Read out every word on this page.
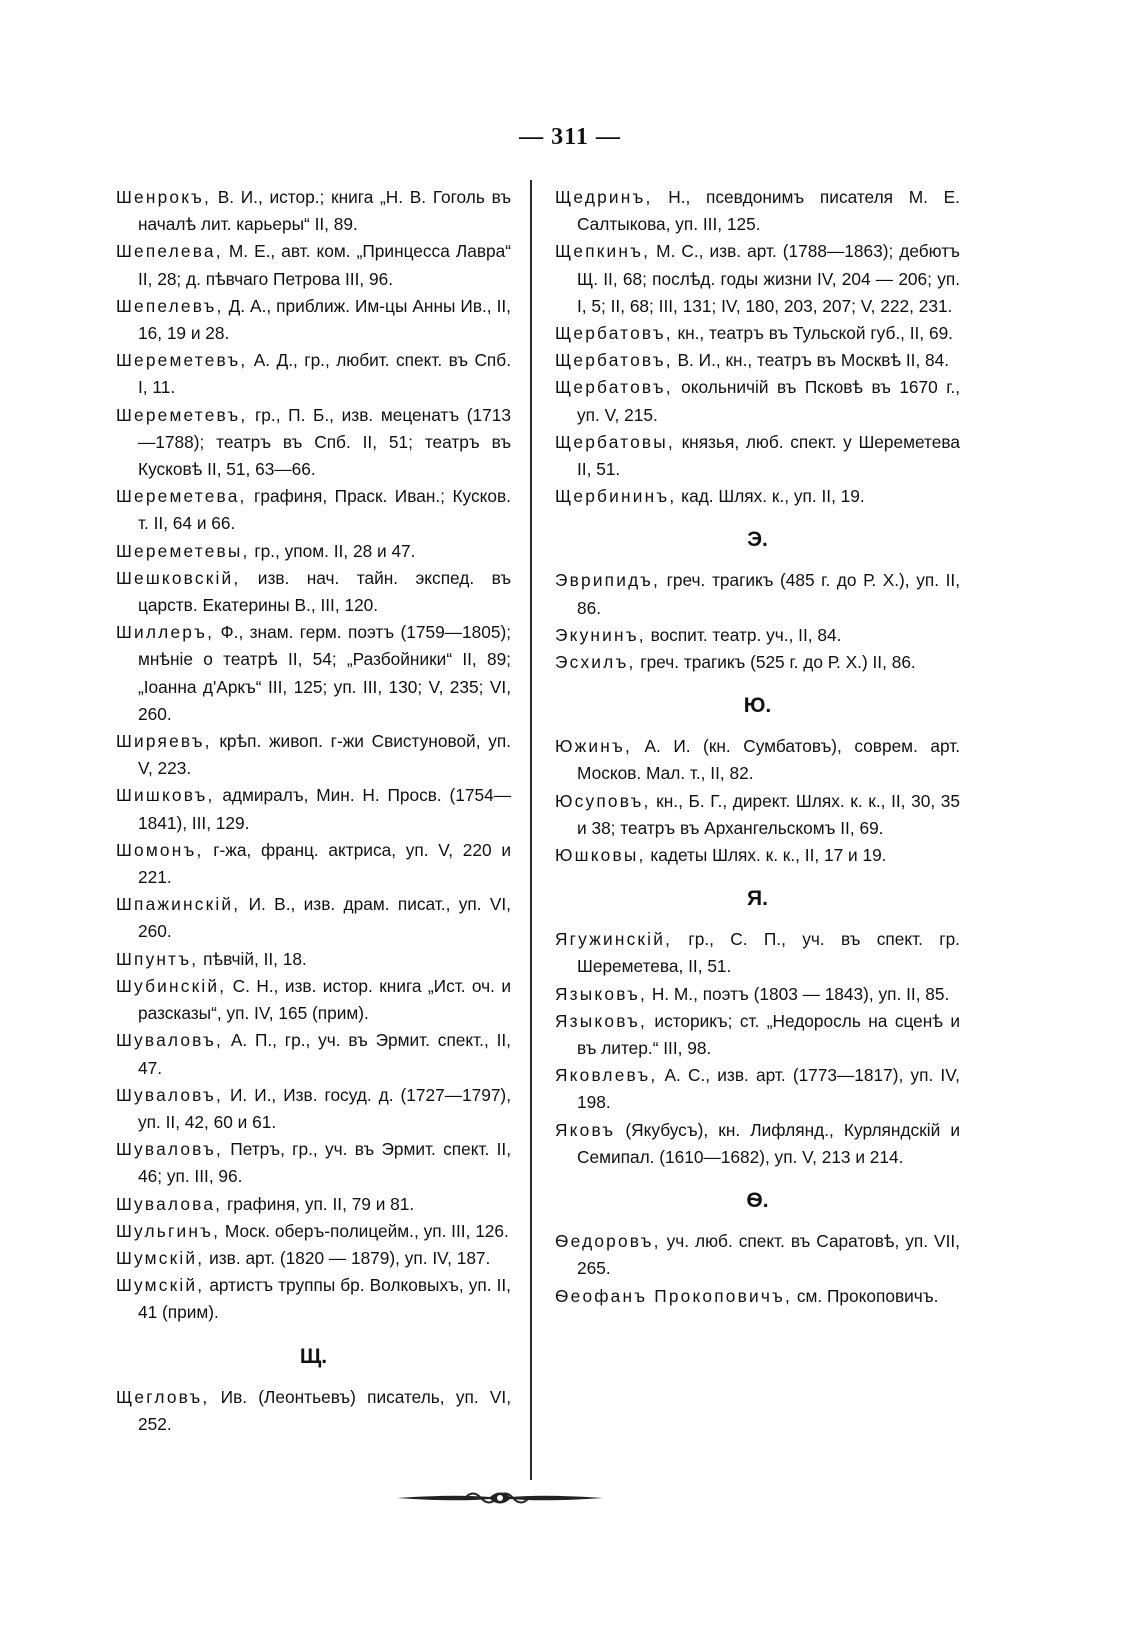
— 311 —

Шенрокъ, В. И., истор.; книга „Н. В. Гоголь въ началѣ лит. карьеры“ II, 89.

Шепелева, М. Е., авт. ком. „Принцесса Лавра“ II, 28; д. пѣвчаго Петрова III, 96.

Шепелевъ, Д. А., приближ. Им-цы Анны Ив., II, 16, 19 и 28.

Шереметевъ, А. Д., гр., любит. спект. въ Спб. I, 11.

Шереметевъ, гр., П. Б., изв. меценатъ (1713—1788); театръ въ Спб. II, 51; театръ въ Кусковѣ II, 51, 63—66.

Шереметева, графиня, Праск. Иван.; Кусков. т. II, 64 и 66.

Шереметевы, гр., упом. II, 28 и 47.

Шешковскій, изв. нач. тайн. экспед. въ царств. Екатерины В., III, 120.

Шиллеръ, Ф., знам. герм. поэтъ (1759—1805); мнѣніе о театрѣ II, 54; „Разбойники“ II, 89; „Іоанна д'Аркъ“ III, 125; уп. III, 130; V, 235; VI, 260.

Ширяевъ, крѣп. живоп. г-жи Свистуновой, уп. V, 223.

Шишковъ, адмиралъ, Мин. Н. Просв. (1754—1841), III, 129.

Шомонъ, г-жа, франц. актриса, уп. V, 220 и 221.

Шпажинскій, И. В., изв. драм. писат., уп. VI, 260.

Шпунтъ, пѣвчій, II, 18.

Шубинскій, С. Н., изв. истор. книга „Ист. оч. и разсказы“, уп. IV, 165 (прим).

Шуваловъ, А. П., гр., уч. въ Эрмит. спект., II, 47.

Шуваловъ, И. И., Изв. госуд. д. (1727—1797), уп. II, 42, 60 и 61.

Шуваловъ, Петръ, гр., уч. въ Эрмит. спект. II, 46; уп. III, 96.

Шувалова, графиня, уп. II, 79 и 81.

Шульгинъ, Моск. оберъ-полицейм., уп. III, 126.

Шумскій, изв. арт. (1820 — 1879), уп. IV, 187.

Шумскій, артистъ труппы бр. Волковыхъ, уп. II, 41 (прим).

Щ.

Щегловъ, Ив. (Леонтьевъ) писатель, уп. VI, 252.

Щедринъ, Н., псевдонимъ писателя М. Е. Салтыкова, уп. III, 125.

Щепкинъ, М. С., изв. арт. (1788—1863); дебютъ Щ. II, 68; послѣд. годы жизни IV, 204 — 206; уп. I, 5; II, 68; III, 131; IV, 180, 203, 207; V, 222, 231.

Щербатовъ, кн., театръ въ Тульской губ., II, 69.

Щербатовъ, В. И., кн., театръ въ Москвѣ II, 84.

Щербатовъ, окольничій въ Псковѣ въ 1670 г., уп. V, 215.

Щербатовы, князья, люб. спект. у Шереметева II, 51.

Щербининъ, кад. Шлях. к., уп. II, 19.

Э.

Эврипидъ, греч. трагикъ (485 г. до Р. Х.), уп. II, 86.

Экунинъ, воспит. театр. уч., II, 84.

Эсхилъ, греч. трагикъ (525 г. до Р. Х.) II, 86.

Ю.

Южинъ, А. И. (кн. Сумбатовъ), соврем. арт. Москов. Мал. т., II, 82.

Юсуповъ, кн., Б. Г., директ. Шлях. к. к., II, 30, 35 и 38; театръ въ Архангельскомъ II, 69.

Юшковы, кадеты Шлях. к. к., II, 17 и 19.

Я.

Ягужинскій, гр., С. П., уч. въ спект. гр. Шереметева, II, 51.

Языковъ, Н. М., поэтъ (1803 — 1843), уп. II, 85.

Языковъ, историкъ; ст. „Недоросль на сценѣ и въ литер.“ III, 98.

Яковлевъ, А. С., изв. арт. (1773—1817), уп. IV, 198.

Яковъ (Якубусъ), кн. Лифлянд., Курляндскій и Семипал. (1610—1682), уп. V, 213 и 214.

Ѳ.

Ѳедоровъ, уч. люб. спект. въ Саратовѣ, уп. VII, 265.

Ѳеофанъ Прокоповичъ, см. Прокоповичъ.
